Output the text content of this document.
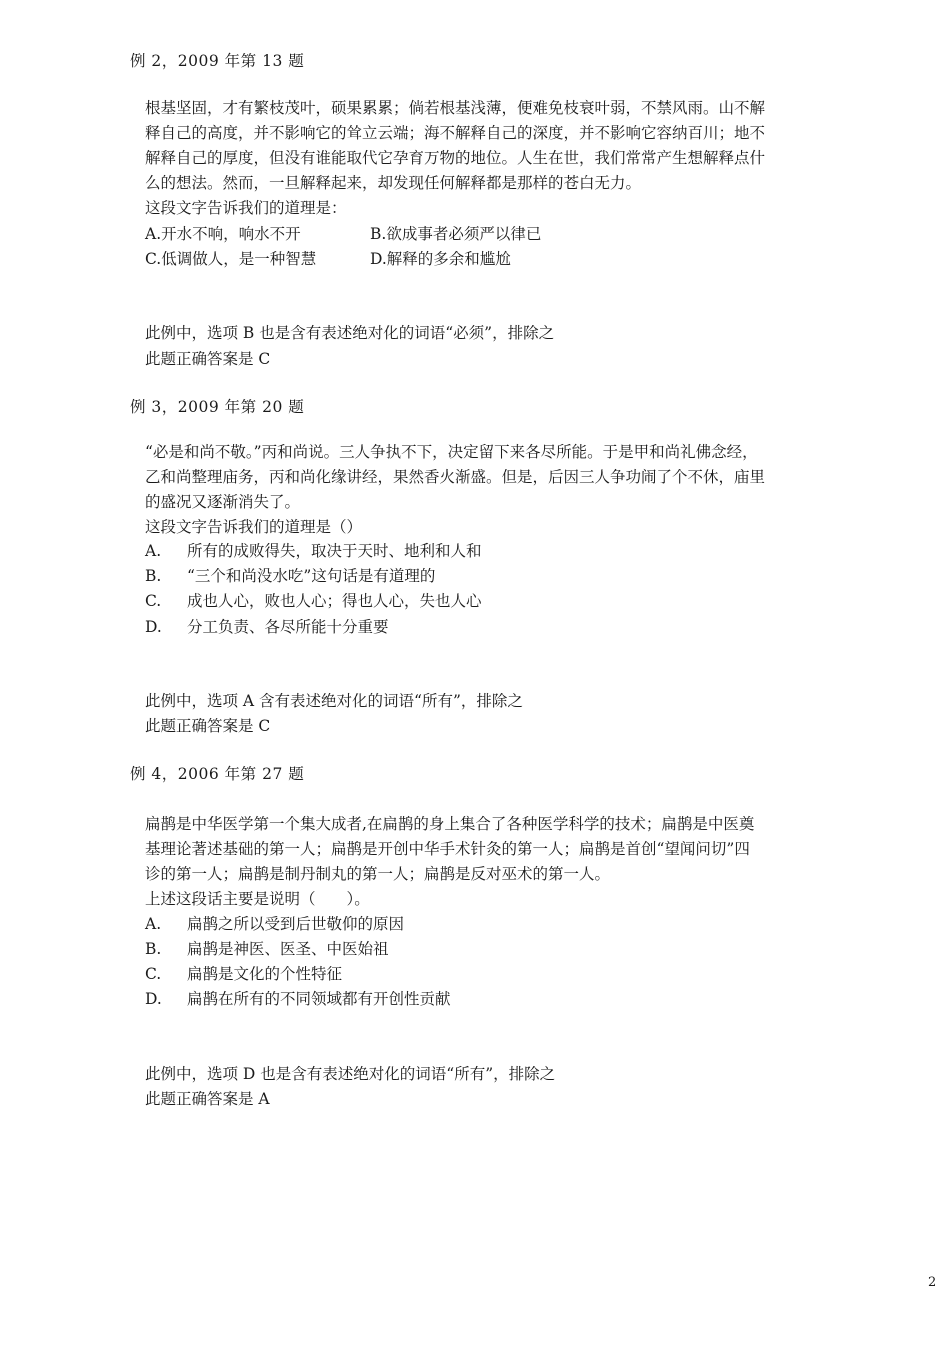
例 2，2009 年第 13 题
根基坚固，才有繁枝茂叶，硕果累累；倘若根基浅薄，便难免枝衰叶弱，不禁风雨。山不解
释自己的高度，并不影响它的耸立云端；海不解释自己的深度，并不影响它容纳百川；地不
解释自己的厚度，但没有谁能取代它孕育万物的地位。人生在世，我们常常产生想解释点什
么的想法。然而，一旦解释起来，却发现任何解释都是那样的苍白无力。
这段文字告诉我们的道理是：
A.开水不响，响水不开	B.欲成事者必须严以律已
C.低调做人，是一种智慧	D.解释的多余和尴尬
此例中，选项 B 也是含有表述绝对化的词语“必须”，排除之
此题正确答案是 C
例 3，2009 年第 20 题
“必是和尚不敬。”丙和尚说。三人争执不下，决定留下来各尽所能。于是甲和尚礼佛念经，
乙和尚整理庙务，丙和尚化缘讲经，果然香火渐盛。但是，后因三人争功闹了个不休，庙里
的盛况又逐渐消失了。
这段文字告诉我们的道理是（）
A. 所有的成败得失，取决于天时、地利和人和
B. “三个和尚没水吃”这句话是有道理的
C. 成也人心，败也人心；得也人心，失也人心
D. 分工负责、各尽所能十分重要
此例中，选项 A 含有表述绝对化的词语“所有”，排除之
此题正确答案是 C
例 4，2006 年第 27 题
扁鹊是中华医学第一个集大成者,在扁鹊的身上集合了各种医学科学的技术；扁鹊是中医奠
基理论著述基础的第一人；扁鹊是开创中华手术针灸的第一人；扁鹊是首创“望闻问切”四
诊的第一人；扁鹊是制丹制丸的第一人；扁鹊是反对巫术的第一人。
上述这段话主要是说明（　　）。
A. 扁鹊之所以受到后世敬仰的原因
B. 扁鹊是神医、医圣、中医始祖
C. 扁鹊是文化的个性特征
D. 扁鹊在所有的不同领域都有开创性贡献
此例中，选项 D 也是含有表述绝对化的词语“所有”，排除之
此题正确答案是 A
2
